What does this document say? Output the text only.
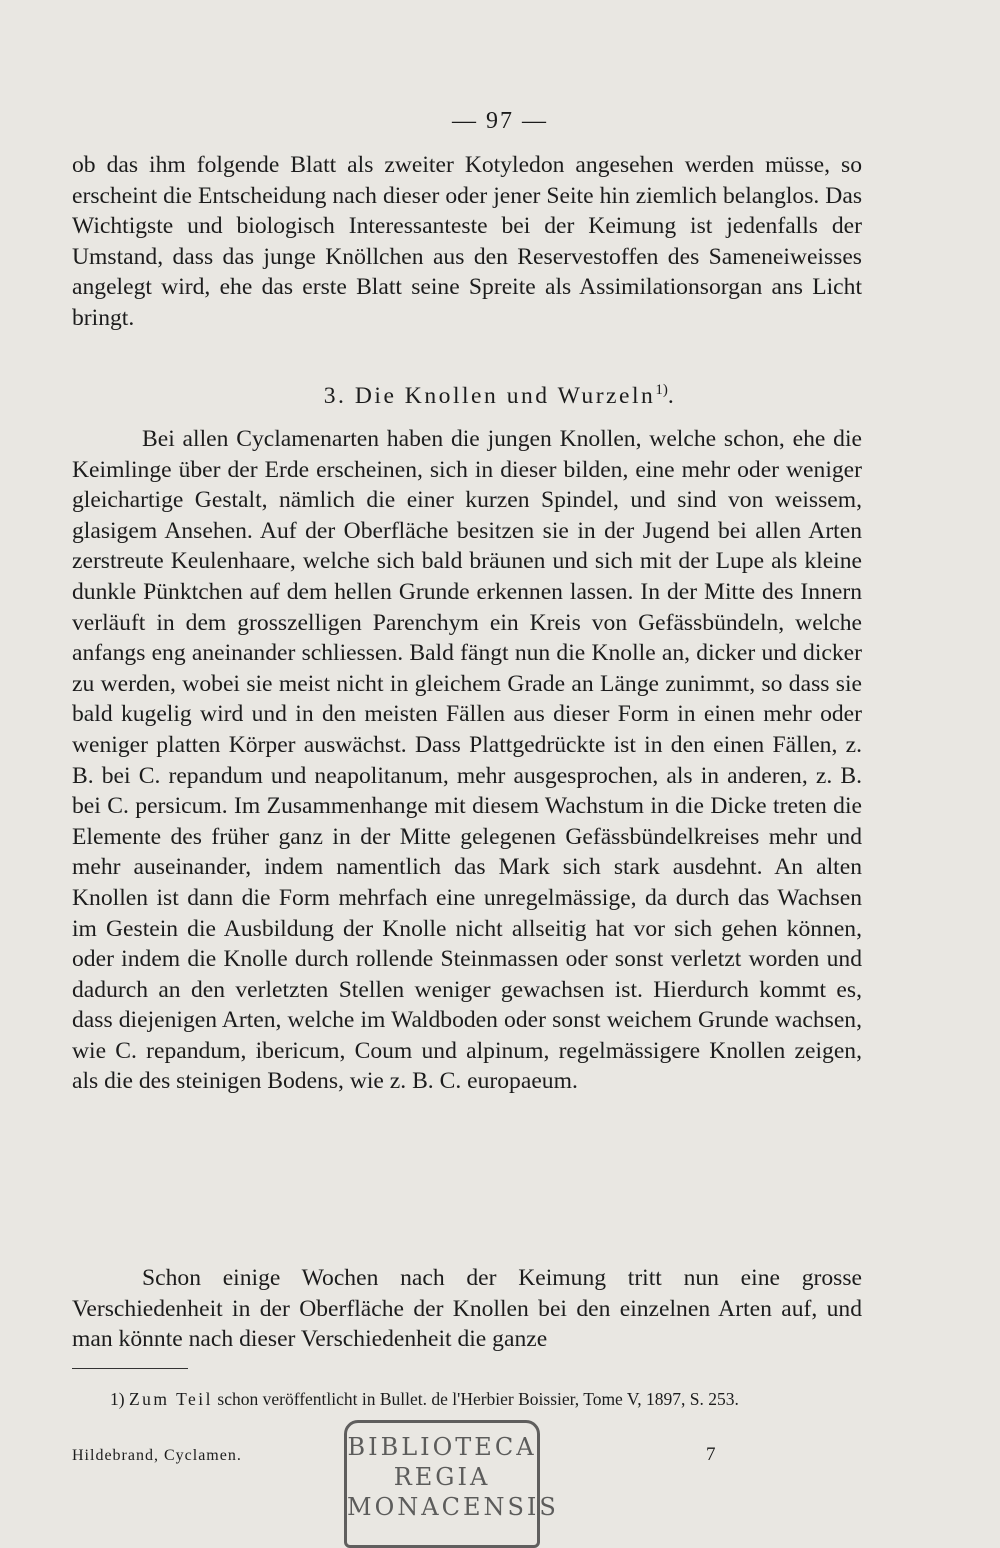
— 97 —

ob das ihm folgende Blatt als zweiter Kotyledon angesehen werden müsse, so erscheint die Entscheidung nach dieser oder jener Seite hin ziemlich belanglos. Das Wichtigste und biologisch Interessanteste bei der Keimung ist jedenfalls der Umstand, dass das junge Knöllchen aus den Reservestoffen des Sameneiweisses angelegt wird, ehe das erste Blatt seine Spreite als Assimilationsorgan ans Licht bringt.

3. Die Knollen und Wurzeln$^{1)}$.

Bei allen Cyclamenarten haben die jungen Knollen, welche schon, ehe die Keimlinge über der Erde erscheinen, sich in dieser bilden, eine mehr oder weniger gleichartige Gestalt, nämlich die einer kurzen Spindel, und sind von weissem, glasigem Ansehen. Auf der Oberfläche besitzen sie in der Jugend bei allen Arten zerstreute Keulenhaare, welche sich bald bräunen und sich mit der Lupe als kleine dunkle Pünktchen auf dem hellen Grunde erkennen lassen. In der Mitte des Innern verläuft in dem grosszelligen Parenchym ein Kreis von Gefässbündeln, welche anfangs eng aneinander schliessen. Bald fängt nun die Knolle an, dicker und dicker zu werden, wobei sie meist nicht in gleichem Grade an Länge zunimmt, so dass sie bald kugelig wird und in den meisten Fällen aus dieser Form in einen mehr oder weniger platten Körper auswächst. Dass Plattgedrückte ist in den einen Fällen, z. B. bei C. repandum und neapolitanum, mehr ausgesprochen, als in anderen, z. B. bei C. persicum. Im Zusammenhange mit diesem Wachstum in die Dicke treten die Elemente des früher ganz in der Mitte gelegenen Gefässbündelkreises mehr und mehr auseinander, indem namentlich das Mark sich stark ausdehnt. An alten Knollen ist dann die Form mehrfach eine unregelmässige, da durch das Wachsen im Gestein die Ausbildung der Knolle nicht allseitig hat vor sich gehen können, oder indem die Knolle durch rollende Steinmassen oder sonst verletzt worden und dadurch an den verletzten Stellen weniger gewachsen ist. Hierdurch kommt es, dass diejenigen Arten, welche im Waldboden oder sonst weichem Grunde wachsen, wie C. repandum, ibericum, Coum und alpinum, regelmässigere Knollen zeigen, als die des steinigen Bodens, wie z. B. C. europaeum.

Schon einige Wochen nach der Keimung tritt nun eine grosse Verschiedenheit in der Oberfläche der Knollen bei den einzelnen Arten auf, und man könnte nach dieser Verschiedenheit die ganze

1) Zum Teil schon veröffentlicht in Bullet. de l'Herbier Boissier, Tome V, 1897, S. 253.
Hildebrand, Cyclamen.	7
BIBLIOTECA
REGIA
MONACENSIS
